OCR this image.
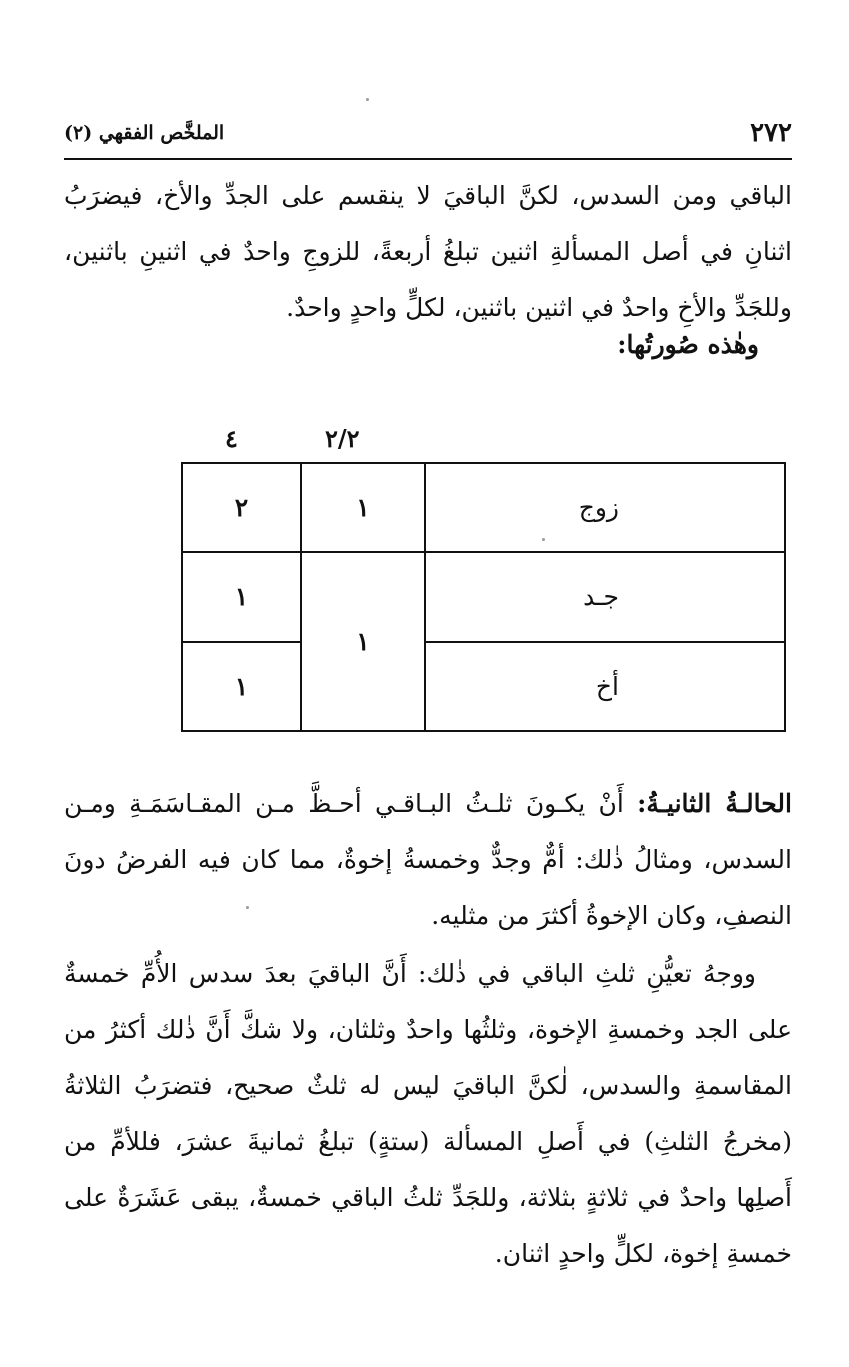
٢٧٢
الملخَّص الفقهي (٢)

الباقي ومن السدس، لكنَّ الباقيَ لا ينقسم على الجدِّ والأخ، فيضرَبُ اثنانِ في أصل المسألةِ اثنين تبلغُ أربعةً، للزوجِ واحدٌ في اثنينِ باثنين، وللجَدِّ والأخِ واحدٌ في اثنين باثنين، لكلٍّ واحدٍ واحدٌ.

وهٰذه صُورتُها:
٢/٢
٤
زوج	١	٢
جـد	١	١
أخ		١

الحالـةُ الثانيـةُ: أَنْ يكـونَ ثلـثُ البـاقـي أحـظَّ مـن المقـاسَمَـةِ ومـن السدس، ومثالُ ذٰلك: أمٌّ وجدٌّ وخمسةُ إخوةٌ، مما كان فيه الفرضُ دونَ النصفِ، وكان الإخوةُ أكثرَ من مثليه.

ووجهُ تعيُّنِ ثلثِ الباقي في ذٰلك: أَنَّ الباقيَ بعدَ سدس الأُمِّ خمسةٌ على الجد وخمسةِ الإخوة، وثلثُها واحدٌ وثلثان، ولا شكَّ أَنَّ ذٰلك أكثرُ من المقاسمةِ والسدس، لٰكنَّ الباقيَ ليس له ثلثٌ صحيح، فتضرَبُ الثلاثةُ (مخرجُ الثلثِ) في أَصلِ المسألة (ستةٍ) تبلغُ ثمانيةَ عشرَ، فللأمِّ من أَصلِها واحدٌ في ثلاثةٍ بثلاثة، وللجَدِّ ثلثُ الباقي خمسةٌ، يبقى عَشَرَةٌ على خمسةِ إخوة، لكلٍّ واحدٍ اثنان.
